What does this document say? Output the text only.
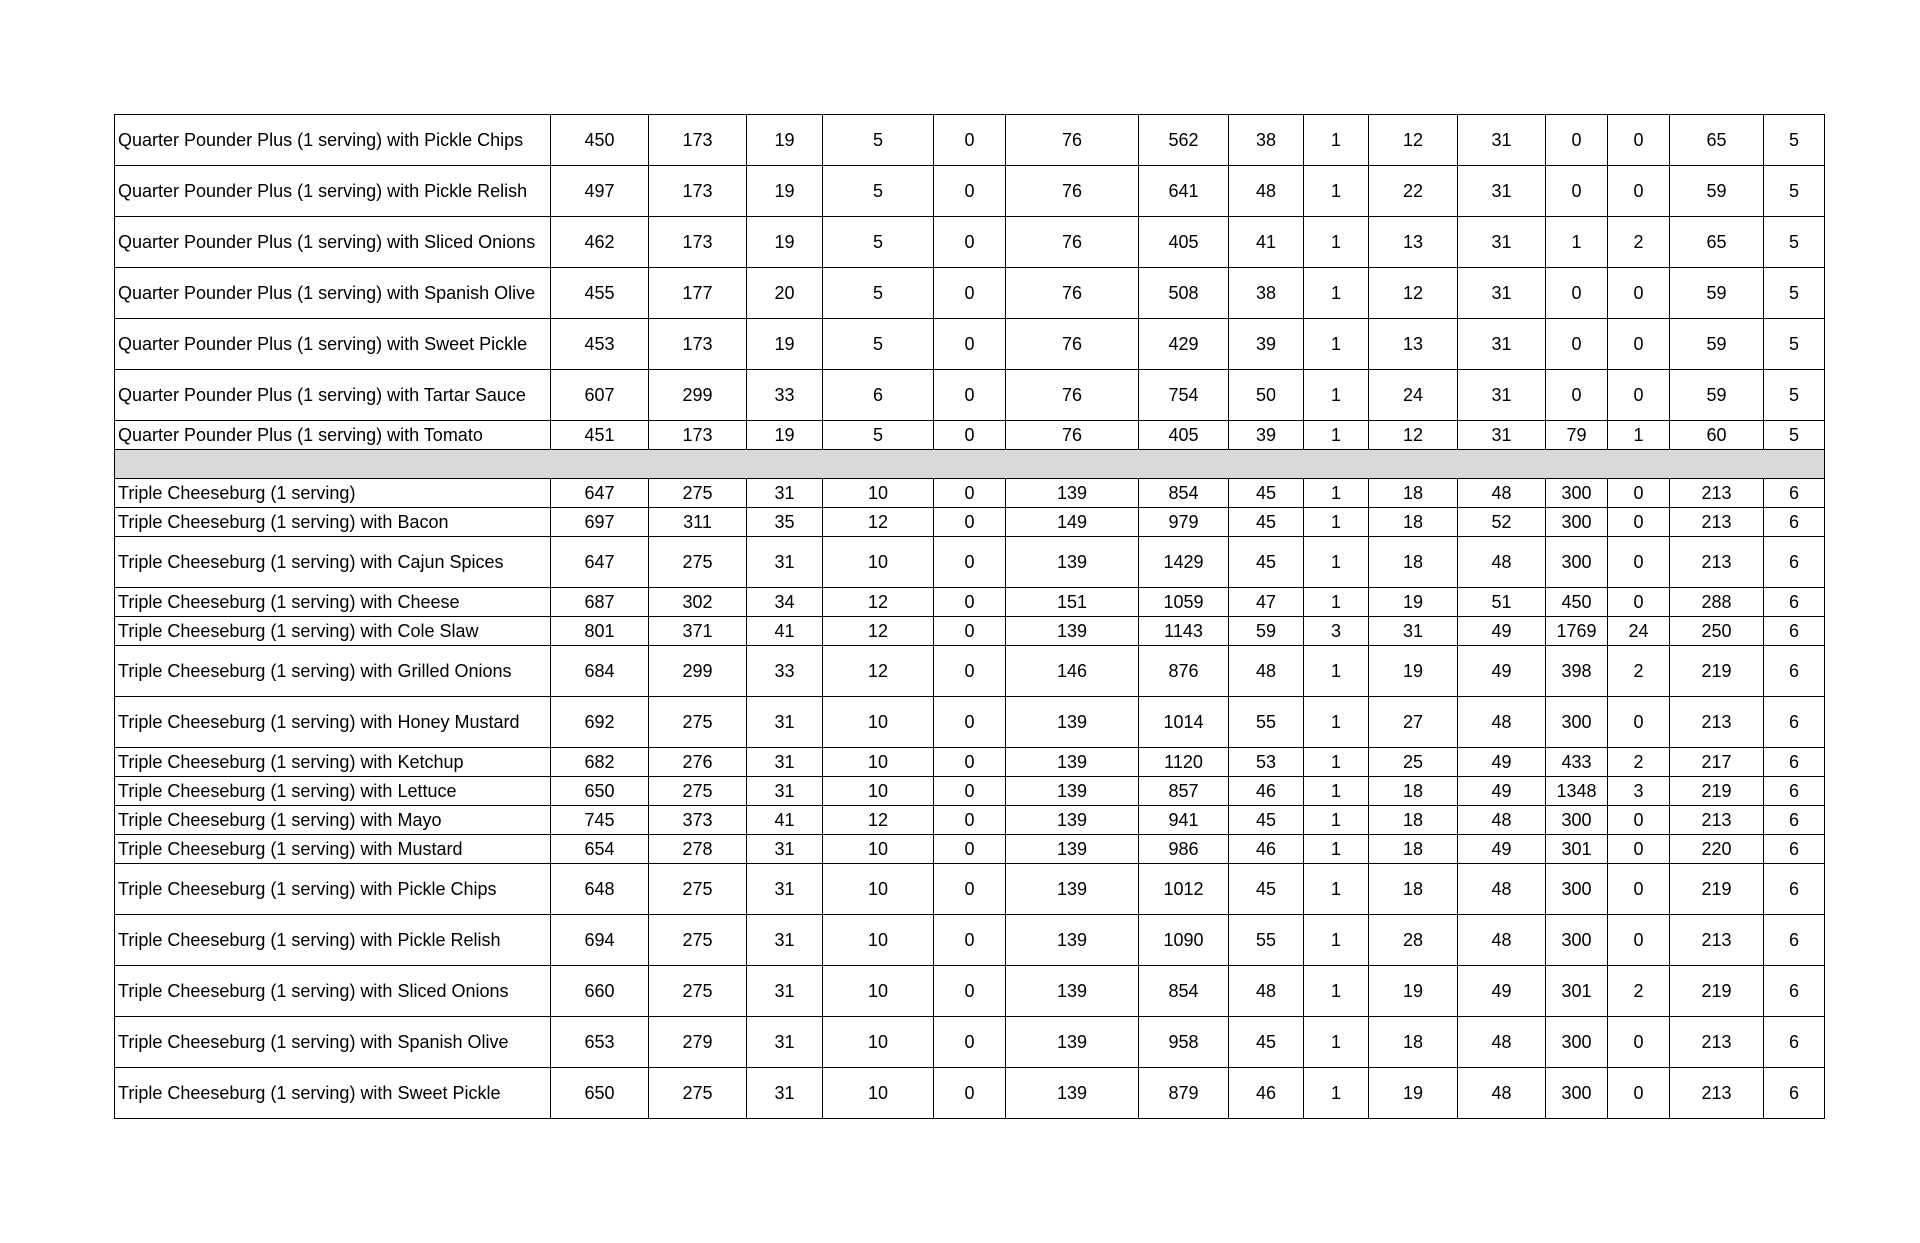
Quarter Pounder Plus (1 serving) with Pickle Chips	450	173	19	5	0	76	562	38	1	12	31	0	0	65	5
Quarter Pounder Plus (1 serving) with Pickle Relish	497	173	19	5	0	76	641	48	1	22	31	0	0	59	5
Quarter Pounder Plus (1 serving) with Sliced Onions	462	173	19	5	0	76	405	41	1	13	31	1	2	65	5
Quarter Pounder Plus (1 serving) with Spanish Olive	455	177	20	5	0	76	508	38	1	12	31	0	0	59	5
Quarter Pounder Plus (1 serving) with Sweet Pickle	453	173	19	5	0	76	429	39	1	13	31	0	0	59	5
Quarter Pounder Plus (1 serving) with Tartar Sauce	607	299	33	6	0	76	754	50	1	24	31	0	0	59	5
Quarter Pounder Plus (1 serving) with Tomato	451	173	19	5	0	76	405	39	1	12	31	79	1	60	5

Triple Cheeseburg (1 serving)	647	275	31	10	0	139	854	45	1	18	48	300	0	213	6
Triple Cheeseburg (1 serving) with Bacon	697	311	35	12	0	149	979	45	1	18	52	300	0	213	6
Triple Cheeseburg (1 serving) with Cajun Spices	647	275	31	10	0	139	1429	45	1	18	48	300	0	213	6
Triple Cheeseburg (1 serving) with Cheese	687	302	34	12	0	151	1059	47	1	19	51	450	0	288	6
Triple Cheeseburg (1 serving) with Cole Slaw	801	371	41	12	0	139	1143	59	3	31	49	1769	24	250	6
Triple Cheeseburg (1 serving) with Grilled Onions	684	299	33	12	0	146	876	48	1	19	49	398	2	219	6
Triple Cheeseburg (1 serving) with Honey Mustard	692	275	31	10	0	139	1014	55	1	27	48	300	0	213	6
Triple Cheeseburg (1 serving) with Ketchup	682	276	31	10	0	139	1120	53	1	25	49	433	2	217	6
Triple Cheeseburg (1 serving) with Lettuce	650	275	31	10	0	139	857	46	1	18	49	1348	3	219	6
Triple Cheeseburg (1 serving) with Mayo	745	373	41	12	0	139	941	45	1	18	48	300	0	213	6
Triple Cheeseburg (1 serving) with Mustard	654	278	31	10	0	139	986	46	1	18	49	301	0	220	6
Triple Cheeseburg (1 serving) with Pickle Chips	648	275	31	10	0	139	1012	45	1	18	48	300	0	219	6
Triple Cheeseburg (1 serving) with Pickle Relish	694	275	31	10	0	139	1090	55	1	28	48	300	0	213	6
Triple Cheeseburg (1 serving) with Sliced Onions	660	275	31	10	0	139	854	48	1	19	49	301	2	219	6
Triple Cheeseburg (1 serving) with Spanish Olive	653	279	31	10	0	139	958	45	1	18	48	300	0	213	6
Triple Cheeseburg (1 serving) with Sweet Pickle	650	275	31	10	0	139	879	46	1	19	48	300	0	213	6
